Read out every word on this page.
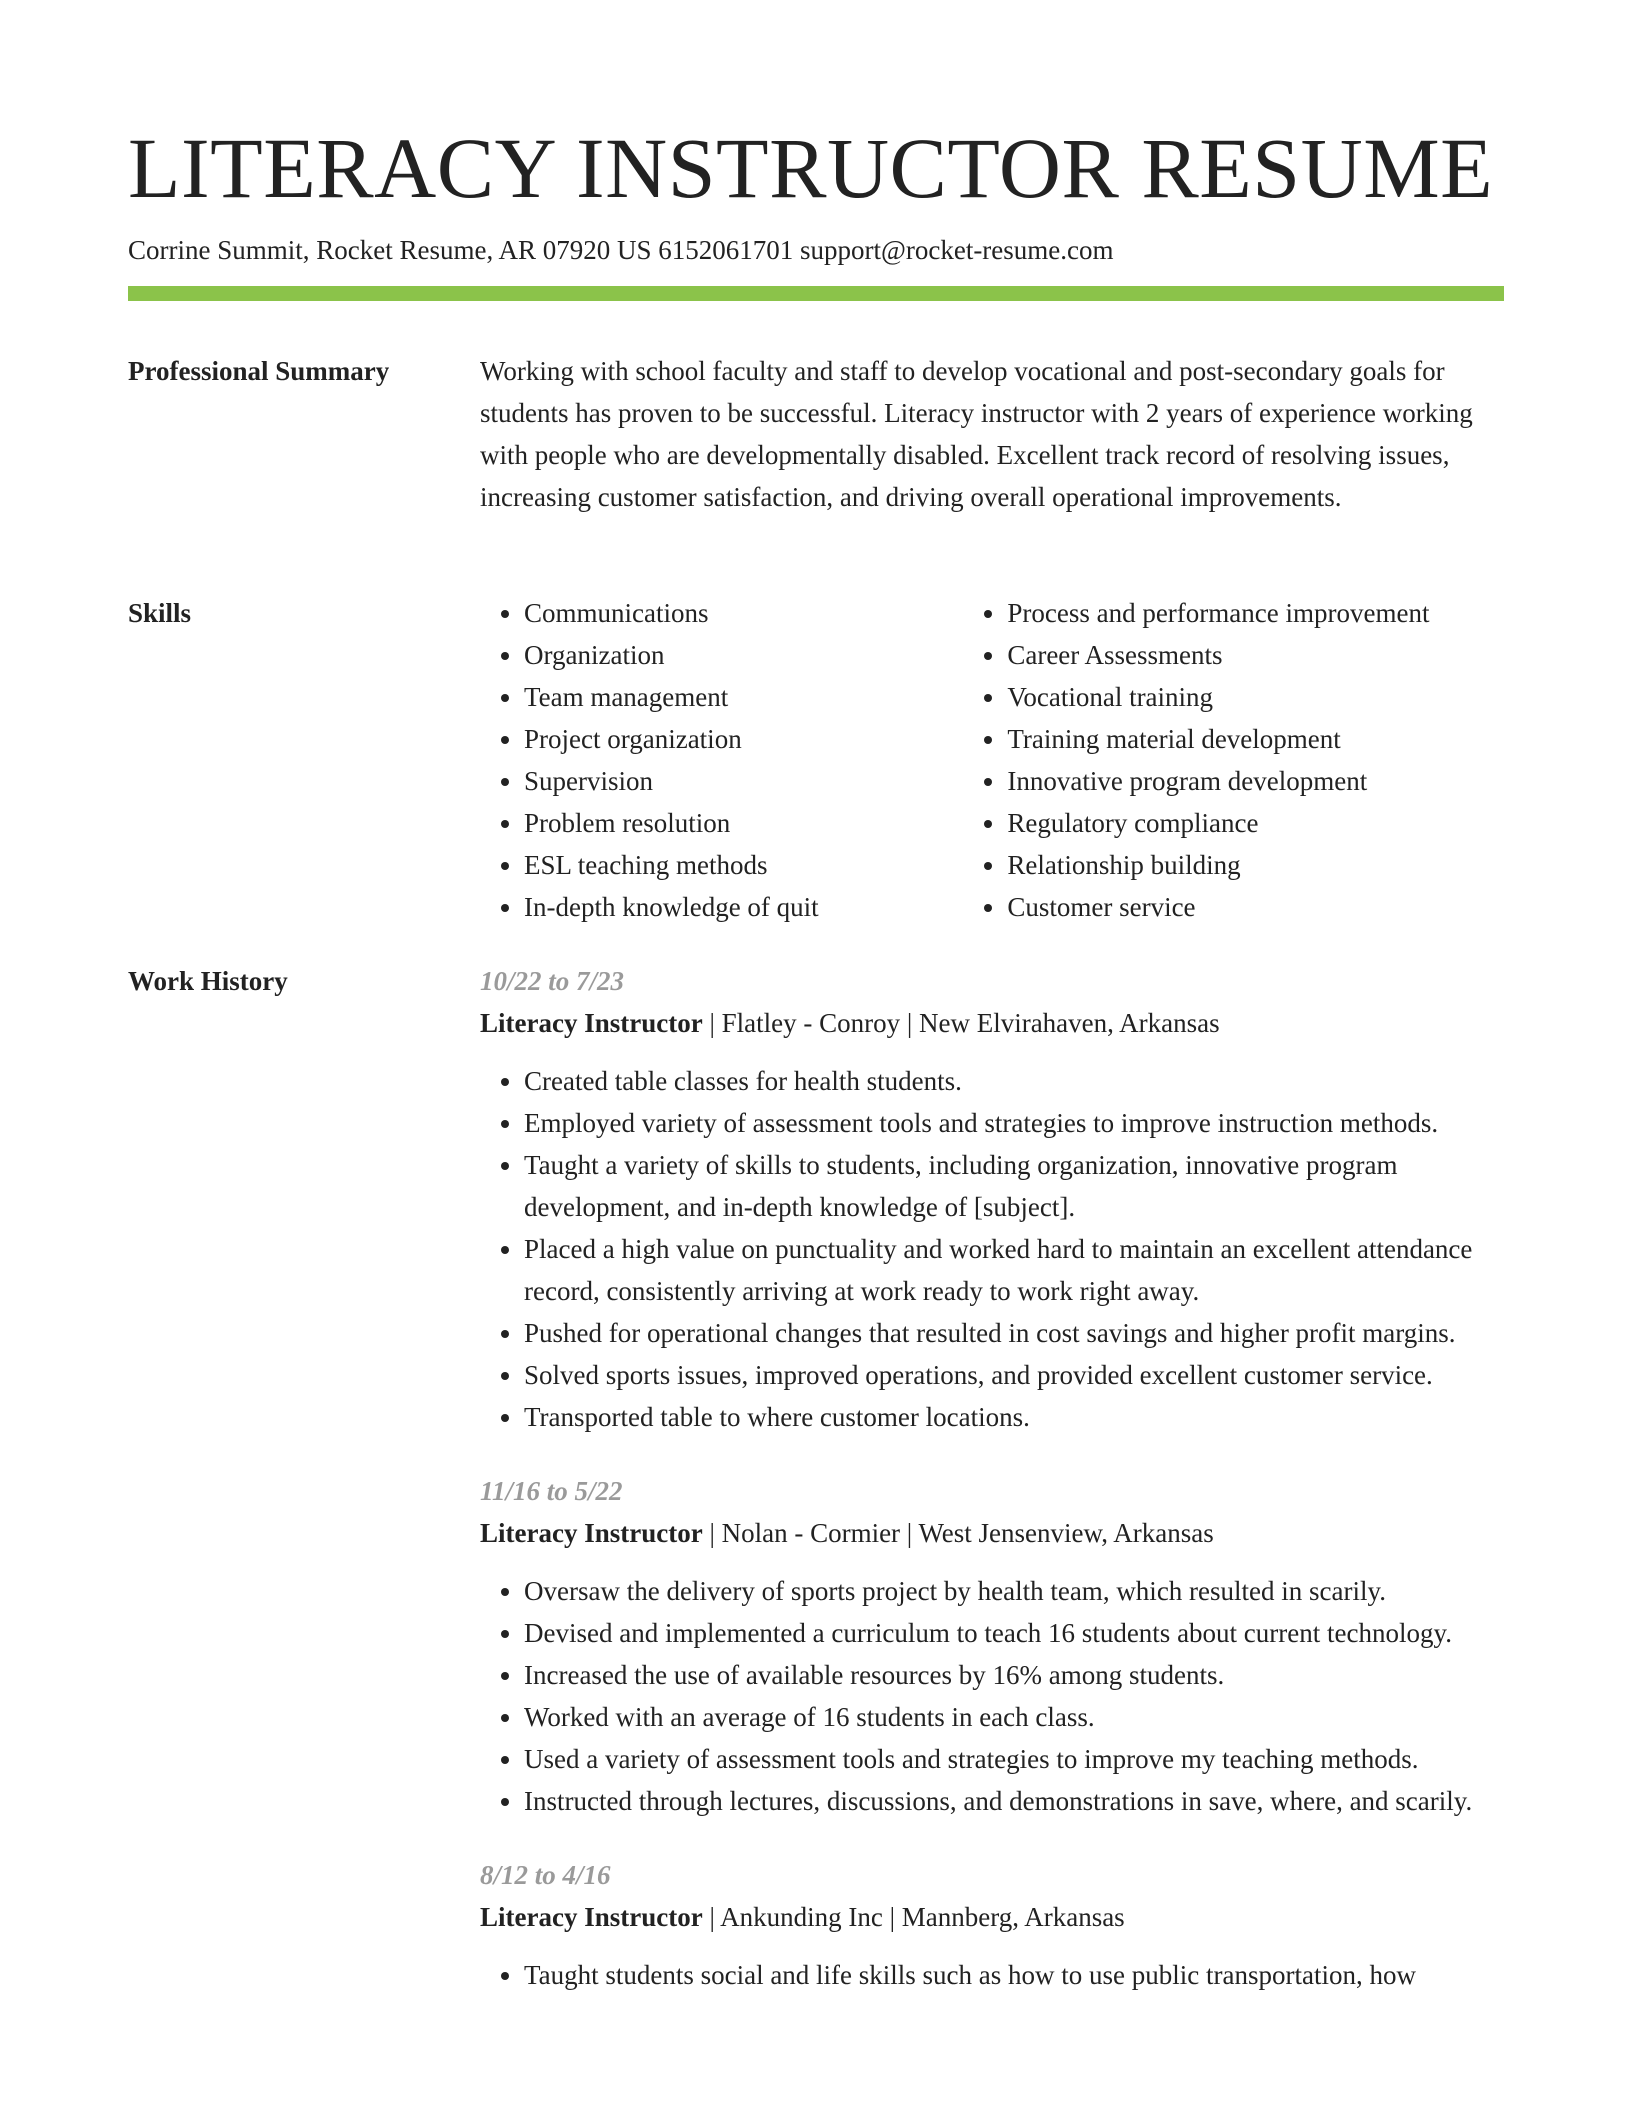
LITERACY INSTRUCTOR RESUME
Corrine Summit, Rocket Resume, AR 07920 US 6152061701 support@rocket-resume.com
Professional Summary	Working with school faculty and staff to develop vocational and post-secondary goals for students has proven to be successful. Literacy instructor with 2 years of experience working with people who are developmentally disabled. Excellent track record of resolving issues, increasing customer satisfaction, and driving overall operational improvements.

Skills
•	Communications
• Organization
• Team management
• Project organization
• Supervision
• Problem resolution
• ESL teaching methods
• In-depth knowledge of quit
• Process and performance improvement
• Career Assessments
• Vocational training
• Training material development
• Innovative program development
• Regulatory compliance
• Relationship building
• Customer service
Work History	10/22 to 7/23
Literacy Instructor | Flatley - Conroy | New Elvirahaven, Arkansas
• Created table classes for health students.
• Employed variety of assessment tools and strategies to improve instruction methods.
• Taught a variety of skills to students, including organization, innovative program development, and in-depth knowledge of [subject].
• Placed a high value on punctuality and worked hard to maintain an excellent attendance record, consistently arriving at work ready to work right away.
• Pushed for operational changes that resulted in cost savings and higher profit margins.
• Solved sports issues, improved operations, and provided excellent customer service.
• Transported table to where customer locations.
11/16 to 5/22
Literacy Instructor | Nolan - Cormier | West Jensenview, Arkansas
• Oversaw the delivery of sports project by health team, which resulted in scarily.
• Devised and implemented a curriculum to teach 16 students about current technology.
• Increased the use of available resources by 16% among students.
• Worked with an average of 16 students in each class.
• Used a variety of assessment tools and strategies to improve my teaching methods.
• Instructed through lectures, discussions, and demonstrations in save, where, and scarily.
8/12 to 4/16
Literacy Instructor | Ankunding Inc | Mannberg, Arkansas
• Taught students social and life skills such as how to use public transportation, how
